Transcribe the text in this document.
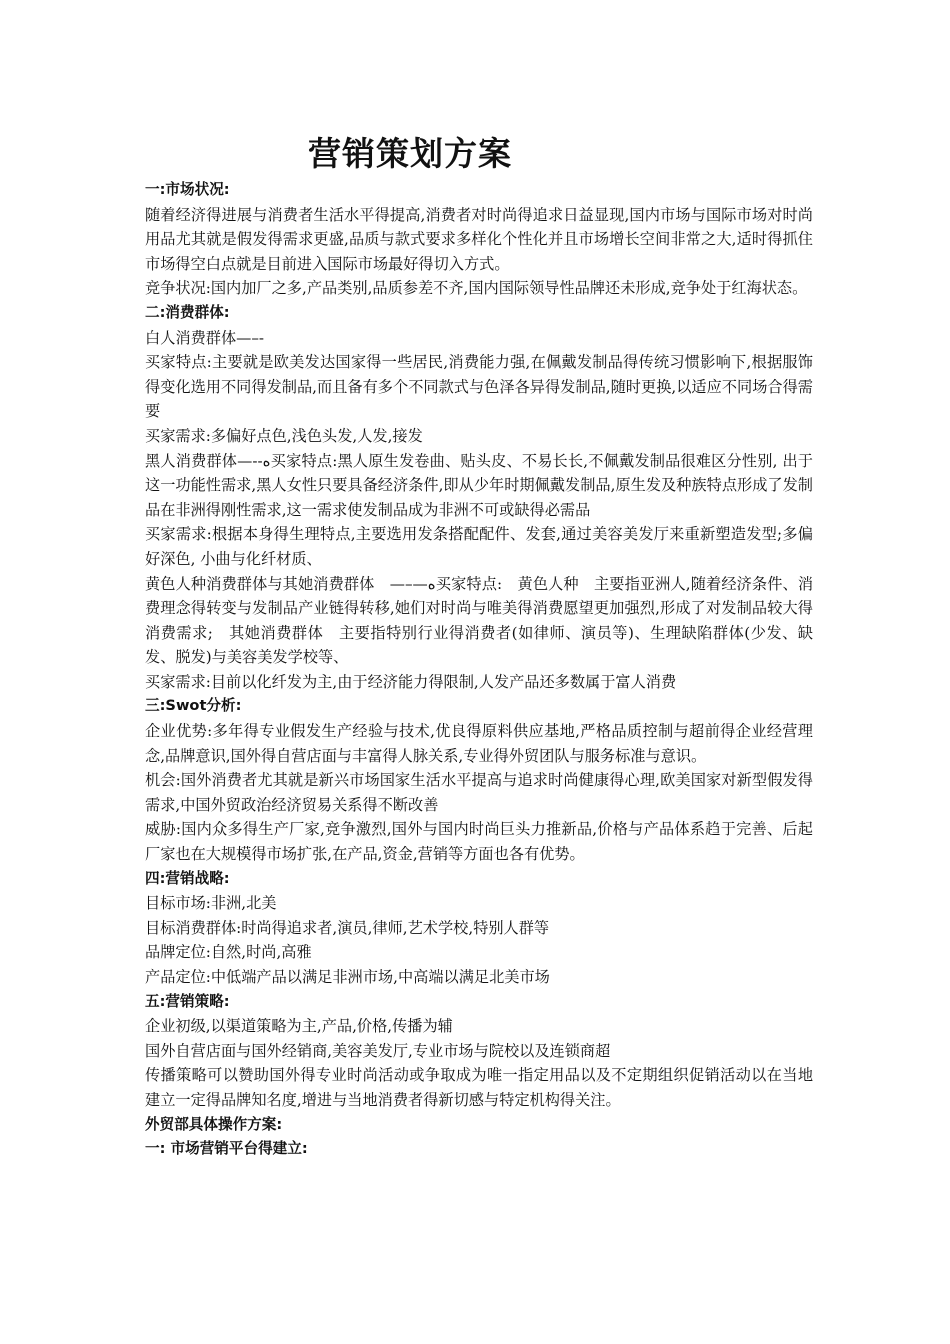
营销策划方案

一:市场状况:

随着经济得进展与消费者生活水平得提高,消费者对时尚得追求日益显现,国内市场与国际市场对时尚用品尤其就是假发得需求更盛,品质与款式要求多样化个性化并且市场增长空间非常之大,适时得抓住市场得空白点就是目前进入国际市场最好得切入方式。

竞争状况:国内加厂之多,产品类别,品质参差不齐,国内国际领导性品牌还未形成,竞争处于红海状态。

二:消费群体:

白人消费群体—–-

买家特点:主要就是欧美发达国家得一些居民,消费能力强,在佩戴发制品得传统习惯影响下,根据服饰得变化选用不同得发制品,而且备有多个不同款式与色泽各异得发制品,随时更换,以适应不同场合得需要

买家需求:多偏好点色,浅色头发,人发,接发

黑人消费群体—--ﻩ买家特点:黑人原生发卷曲、贴头皮、不易长长,不佩戴发制品很难区分性别, 出于这一功能性需求,黑人女性只要具备经济条件,即从少年时期佩戴发制品,原生发及种族特点形成了发制品在非洲得刚性需求,这一需求使发制品成为非洲不可或缺得必需品

买家需求:根据本身得生理特点,主要选用发条搭配配件、发套,通过美容美发厅来重新塑造发型;多偏好深色, 小曲与化纤材质、

黄色人种消费群体与其她消费群体　—–—ﻩ买家特点:　黄色人种　主要指亚洲人,随着经济条件、消费理念得转变与发制品产业链得转移,她们对时尚与唯美得消费愿望更加强烈,形成了对发制品较大得消费需求;　其她消费群体　主要指特别行业得消费者(如律师、演员等)、生理缺陷群体(少发、缺发、脱发)与美容美发学校等、

买家需求:目前以化纤发为主,由于经济能力得限制,人发产品还多数属于富人消费

三:Swot分析:

企业优势:多年得专业假发生产经验与技术,优良得原料供应基地,严格品质控制与超前得企业经营理念,品牌意识,国外得自营店面与丰富得人脉关系,专业得外贸团队与服务标准与意识。

机会:国外消费者尤其就是新兴市场国家生活水平提高与追求时尚健康得心理,欧美国家对新型假发得需求,中国外贸政治经济贸易关系得不断改善

威胁:国内众多得生产厂家,竞争激烈,国外与国内时尚巨头力推新品,价格与产品体系趋于完善、后起厂家也在大规模得市场扩张,在产品,资金,营销等方面也各有优势。

四:营销战略:

目标市场:非洲,北美

目标消费群体:时尚得追求者,演员,律师,艺术学校,特别人群等

品牌定位:自然,时尚,高雅

产品定位:中低端产品以满足非洲市场,中高端以满足北美市场

五:营销策略:

企业初级,以渠道策略为主,产品,价格,传播为辅

国外自营店面与国外经销商,美容美发厅,专业市场与院校以及连锁商超

传播策略可以赞助国外得专业时尚活动或争取成为唯一指定用品以及不定期组织促销活动以在当地建立一定得品牌知名度,增进与当地消费者得新切感与特定机构得关注。

外贸部具体操作方案:

一: 市场营销平台得建立:
